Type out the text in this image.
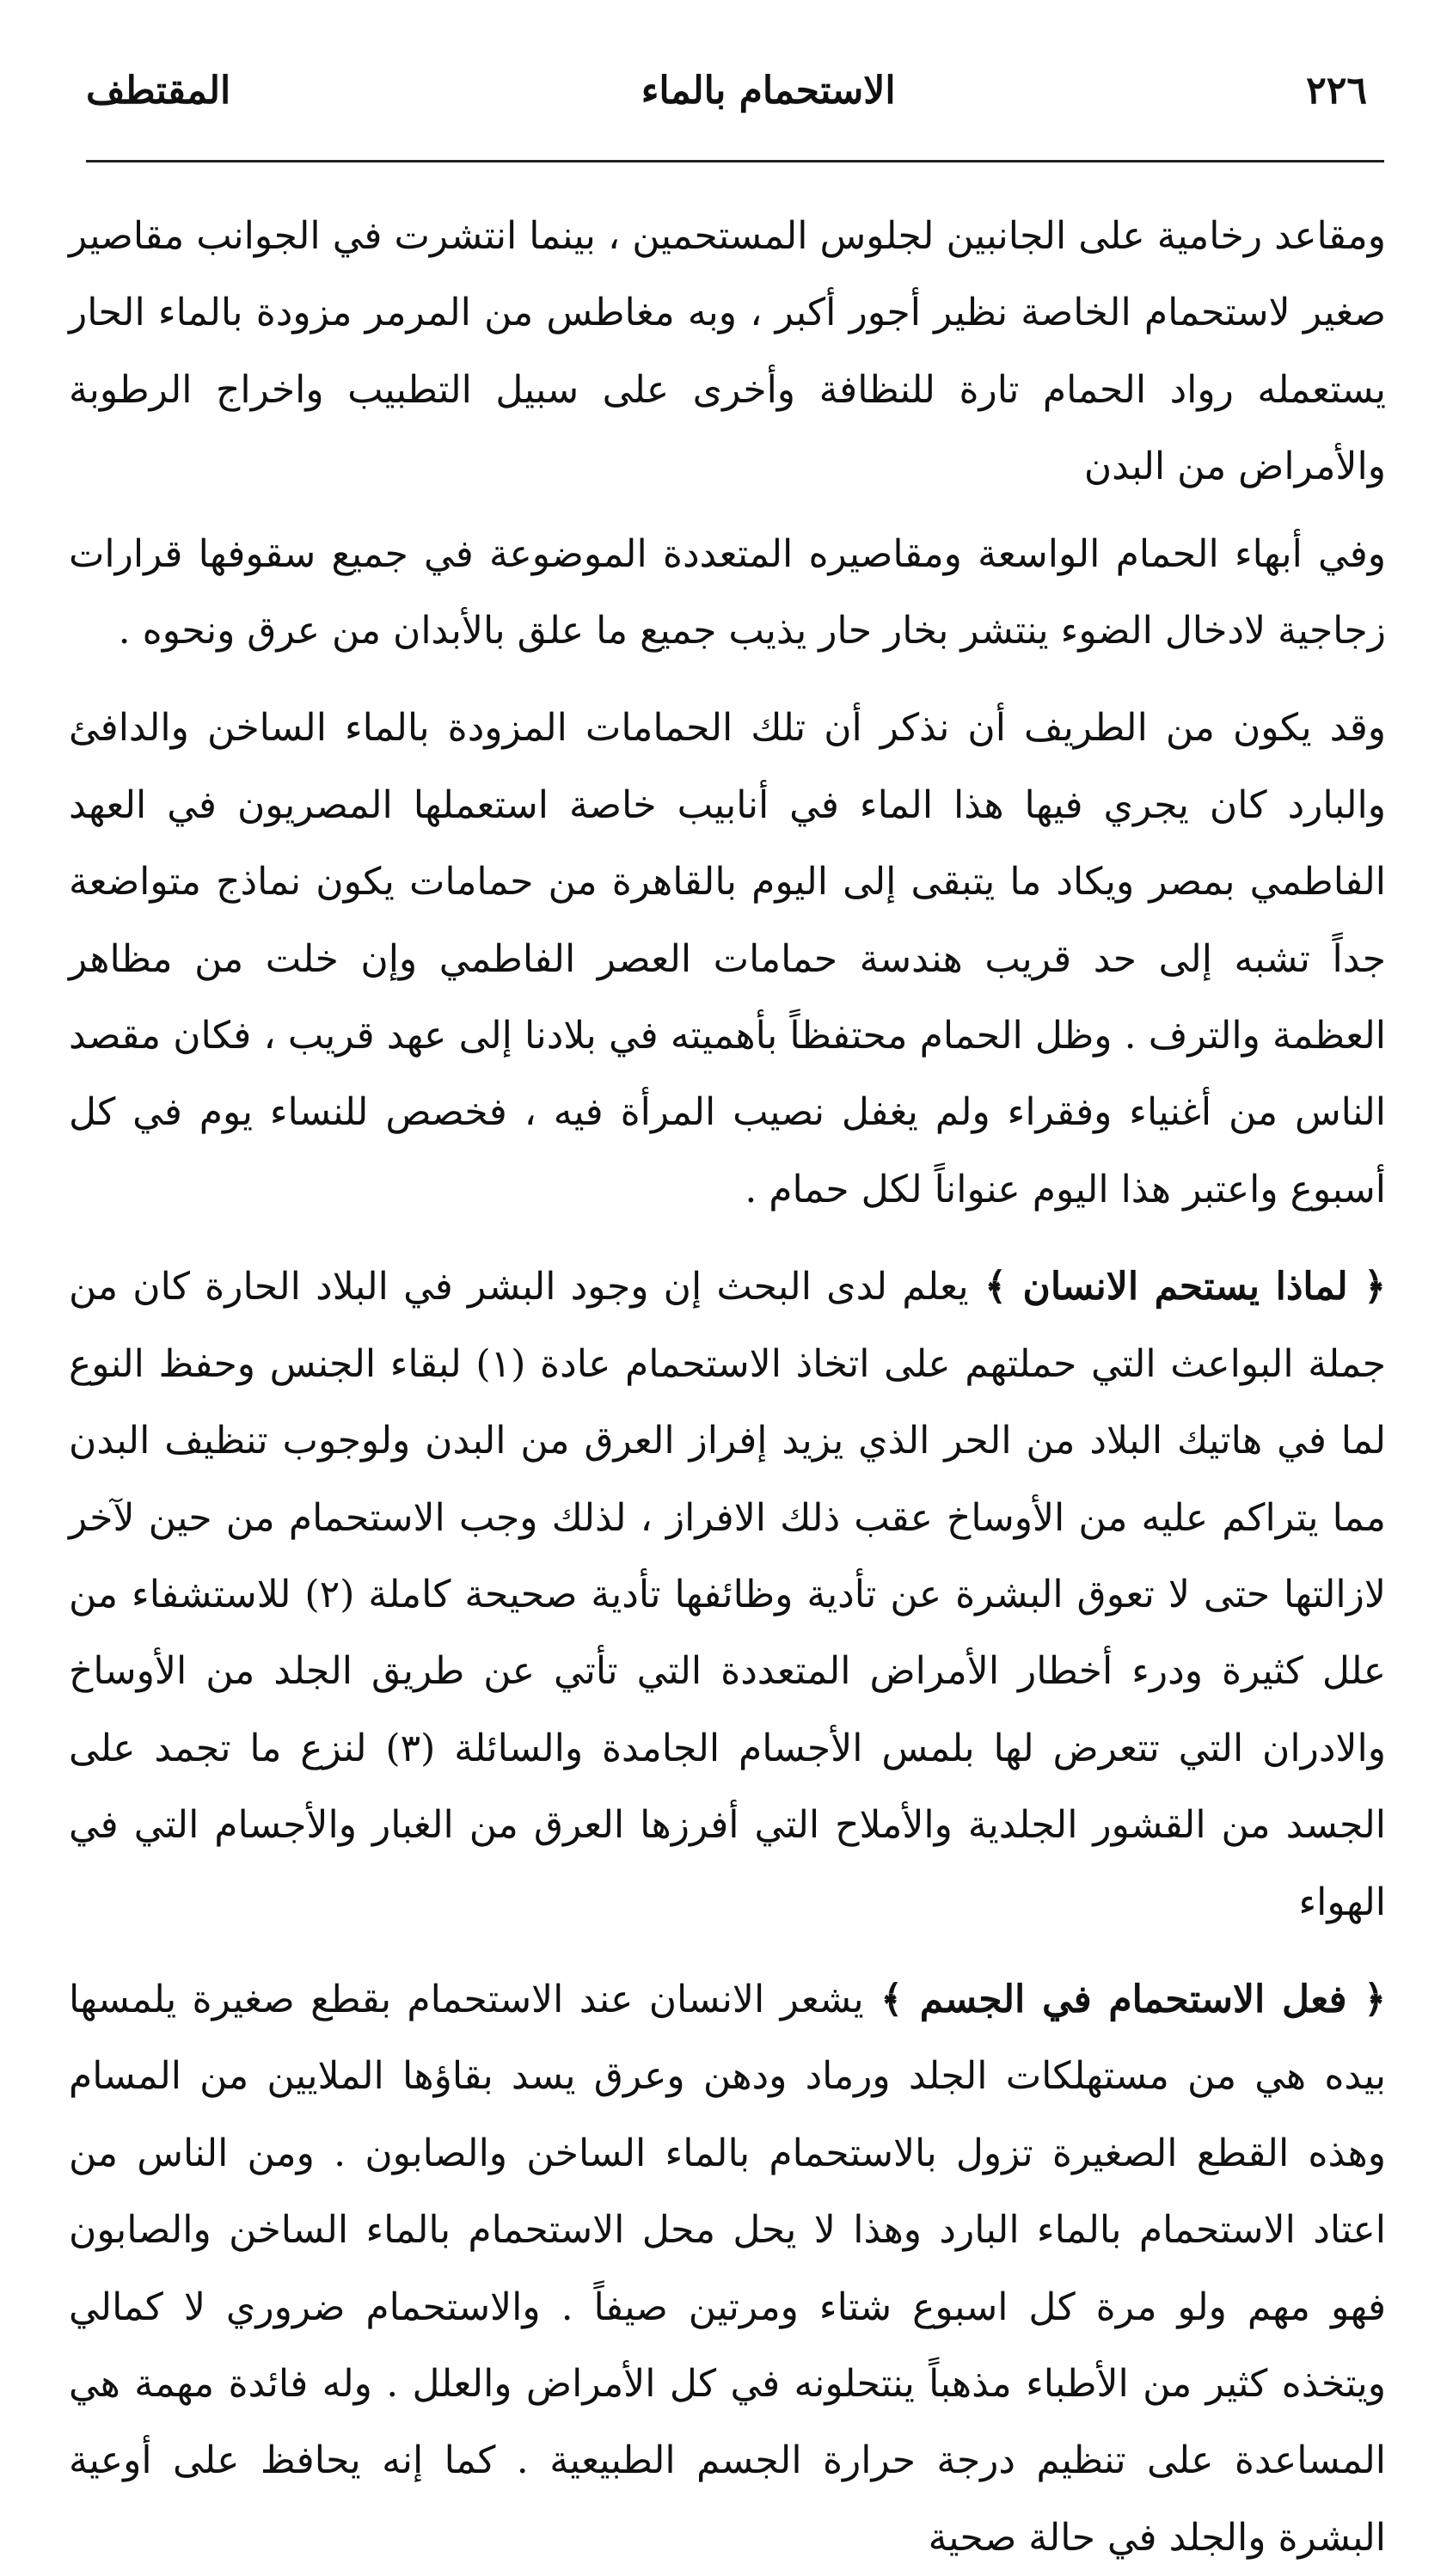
٢٢٦
الاستحمام بالماء
المقتطف

ومقاعد رخامية على الجانبين لجلوس المستحمين ، بينما انتشرت في الجوانب مقاصير صغير لاستحمام الخاصة نظير أجور أكبر ، وبه مغاطس من المرمر مزودة بالماء الحار يستعمله رواد الحمام تارة للنظافة وأخرى على سبيل التطبيب واخراج الرطوبة والأمراض من البدن

وفي أبهاء الحمام الواسعة ومقاصيره المتعددة الموضوعة في جميع سقوفها قرارات زجاجية لادخال الضوء ينتشر بخار حار يذيب جميع ما علق بالأبدان من عرق ونحوه .

وقد يكون من الطريف أن نذكر أن تلك الحمامات المزودة بالماء الساخن والدافئ والبارد كان يجري فيها هذا الماء في أنابيب خاصة استعملها المصريون في العهد الفاطمي بمصر ويكاد ما يتبقى إلى اليوم بالقاهرة من حمامات يكون نماذج متواضعة جداً تشبه إلى حد قريب هندسة حمامات العصر الفاطمي وإن خلت من مظاهر العظمة والترف . وظل الحمام محتفظاً بأهميته في بلادنا إلى عهد قريب ، فكان مقصد الناس من أغنياء وفقراء ولم يغفل نصيب المرأة فيه ، فخصص للنساء يوم في كل أسبوع واعتبر هذا اليوم عنواناً لكل حمام .

﴿ لماذا يستحم الانسان ﴾ يعلم لدى البحث إن وجود البشر في البلاد الحارة كان من جملة البواعث التي حملتهم على اتخاذ الاستحمام عادة (١) لبقاء الجنس وحفظ النوع لما في هاتيك البلاد من الحر الذي يزيد إفراز العرق من البدن ولوجوب تنظيف البدن مما يتراكم عليه من الأوساخ عقب ذلك الافراز ، لذلك وجب الاستحمام من حين لآخر لازالتها حتى لا تعوق البشرة عن تأدية وظائفها تأدية صحيحة كاملة (٢) للاستشفاء من علل كثيرة ودرء أخطار الأمراض المتعددة التي تأتي عن طريق الجلد من الأوساخ والادران التي تتعرض لها بلمس الأجسام الجامدة والسائلة (٣) لنزع ما تجمد على الجسد من القشور الجلدية والأملاح التي أفرزها العرق من الغبار والأجسام التي في الهواء

﴿ فعل الاستحمام في الجسم ﴾ يشعر الانسان عند الاستحمام بقطع صغيرة يلمسها بيده هي من مستهلكات الجلد ورماد ودهن وعرق يسد بقاؤها الملايين من المسام وهذه القطع الصغيرة تزول بالاستحمام بالماء الساخن والصابون . ومن الناس من اعتاد الاستحمام بالماء البارد وهذا لا يحل محل الاستحمام بالماء الساخن والصابون فهو مهم ولو مرة كل اسبوع شتاء ومرتين صيفاً . والاستحمام ضروري لا كمالي ويتخذه كثير من الأطباء مذهباً ينتحلونه في كل الأمراض والعلل . وله فائدة مهمة هي المساعدة على تنظيم درجة حرارة الجسم الطبيعية . كما إنه يحافظ على أوعية البشرة والجلد في حالة صحية
